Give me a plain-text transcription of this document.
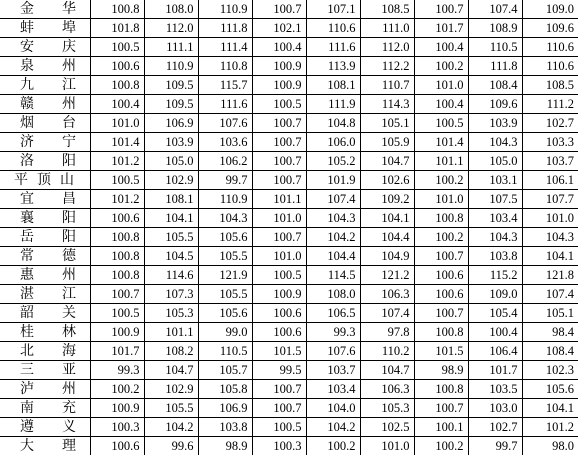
金 华	100.8	108.0	110.9	100.7	107.1	108.5	100.7	107.4	109.0

蚌 埠	101.8	112.0	111.8	102.1	110.6	111.0	101.7	108.9	109.6

安 庆	100.5	111.1	111.4	100.4	111.6	112.0	100.4	110.5	110.6

泉 州	100.6	110.9	110.8	100.9	113.9	112.2	100.2	111.8	110.6

九 江	100.8	109.5	115.7	100.9	108.1	110.7	101.0	108.4	108.5

赣 州	100.4	109.5	111.6	100.5	111.9	114.3	100.4	109.6	111.2

烟 台	101.0	106.9	107.6	100.7	104.8	105.1	100.5	103.9	102.7

济 宁	101.4	103.9	103.6	100.7	106.0	105.9	101.4	104.3	103.3

洛 阳	101.2	105.0	106.2	100.7	105.2	104.7	101.1	105.0	103.7

平 顶 山	100.5	102.9	99.7	100.7	101.9	102.6	100.2	103.1	106.1

宜 昌	101.2	108.1	110.9	101.1	107.4	109.2	101.0	107.5	107.7

襄 阳	100.6	104.1	104.3	101.0	104.3	104.1	100.8	103.4	101.0

岳 阳	100.8	105.5	105.6	100.7	104.2	104.4	100.2	104.3	104.3

常 德	100.8	104.5	105.5	101.0	104.4	104.9	100.7	103.8	104.1

惠 州	100.8	114.6	121.9	100.5	114.5	121.2	100.6	115.2	121.8

湛 江	100.7	107.3	105.5	100.9	108.0	106.3	100.6	109.0	107.4

韶 关	100.5	105.3	105.6	100.6	106.5	107.4	100.7	105.4	105.1

桂 林	100.9	101.1	99.0	100.6	99.3	97.8	100.8	100.4	98.4

北 海	101.7	108.2	110.5	101.5	107.6	110.2	101.5	106.4	108.4

三 亚	99.3	104.7	105.7	99.5	103.7	104.7	98.9	101.7	102.3

泸 州	100.2	102.9	105.8	100.7	103.4	106.3	100.8	103.5	105.6

南 充	100.9	105.5	106.9	100.7	104.0	105.3	100.7	103.0	104.1

遵 义	100.3	104.2	103.8	100.5	104.2	102.5	100.1	102.7	101.2

大 理	100.6	99.6	98.9	100.3	100.2	101.0	100.2	99.7	98.0
